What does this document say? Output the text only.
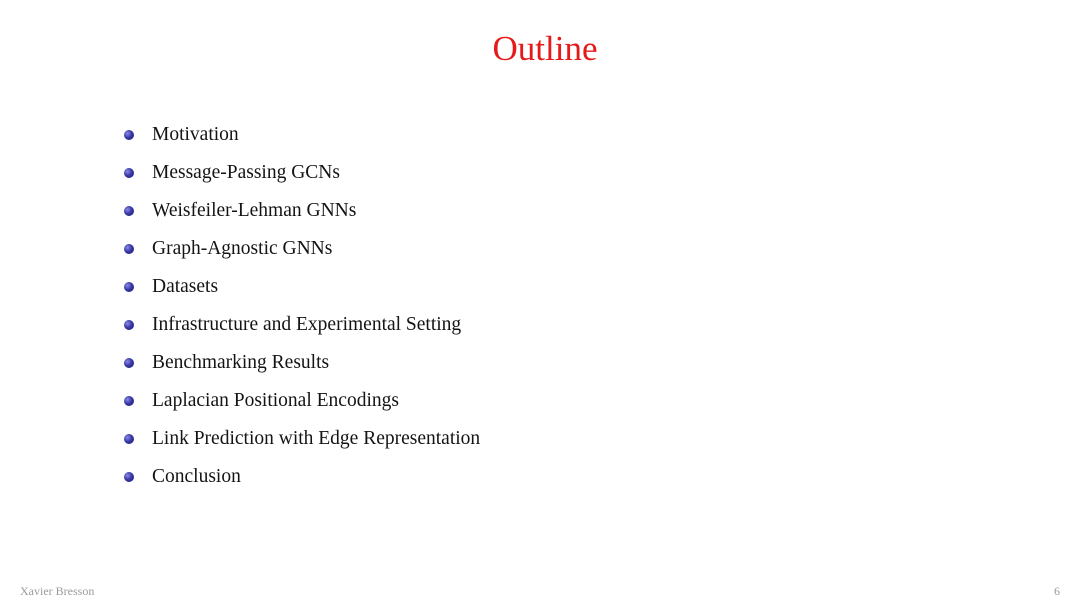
Outline
Motivation
Message-Passing GCNs
Weisfeiler-Lehman GNNs
Graph-Agnostic GNNs
Datasets
Infrastructure and Experimental Setting
Benchmarking Results
Laplacian Positional Encodings
Link Prediction with Edge Representation
Conclusion
Xavier Bresson	6
